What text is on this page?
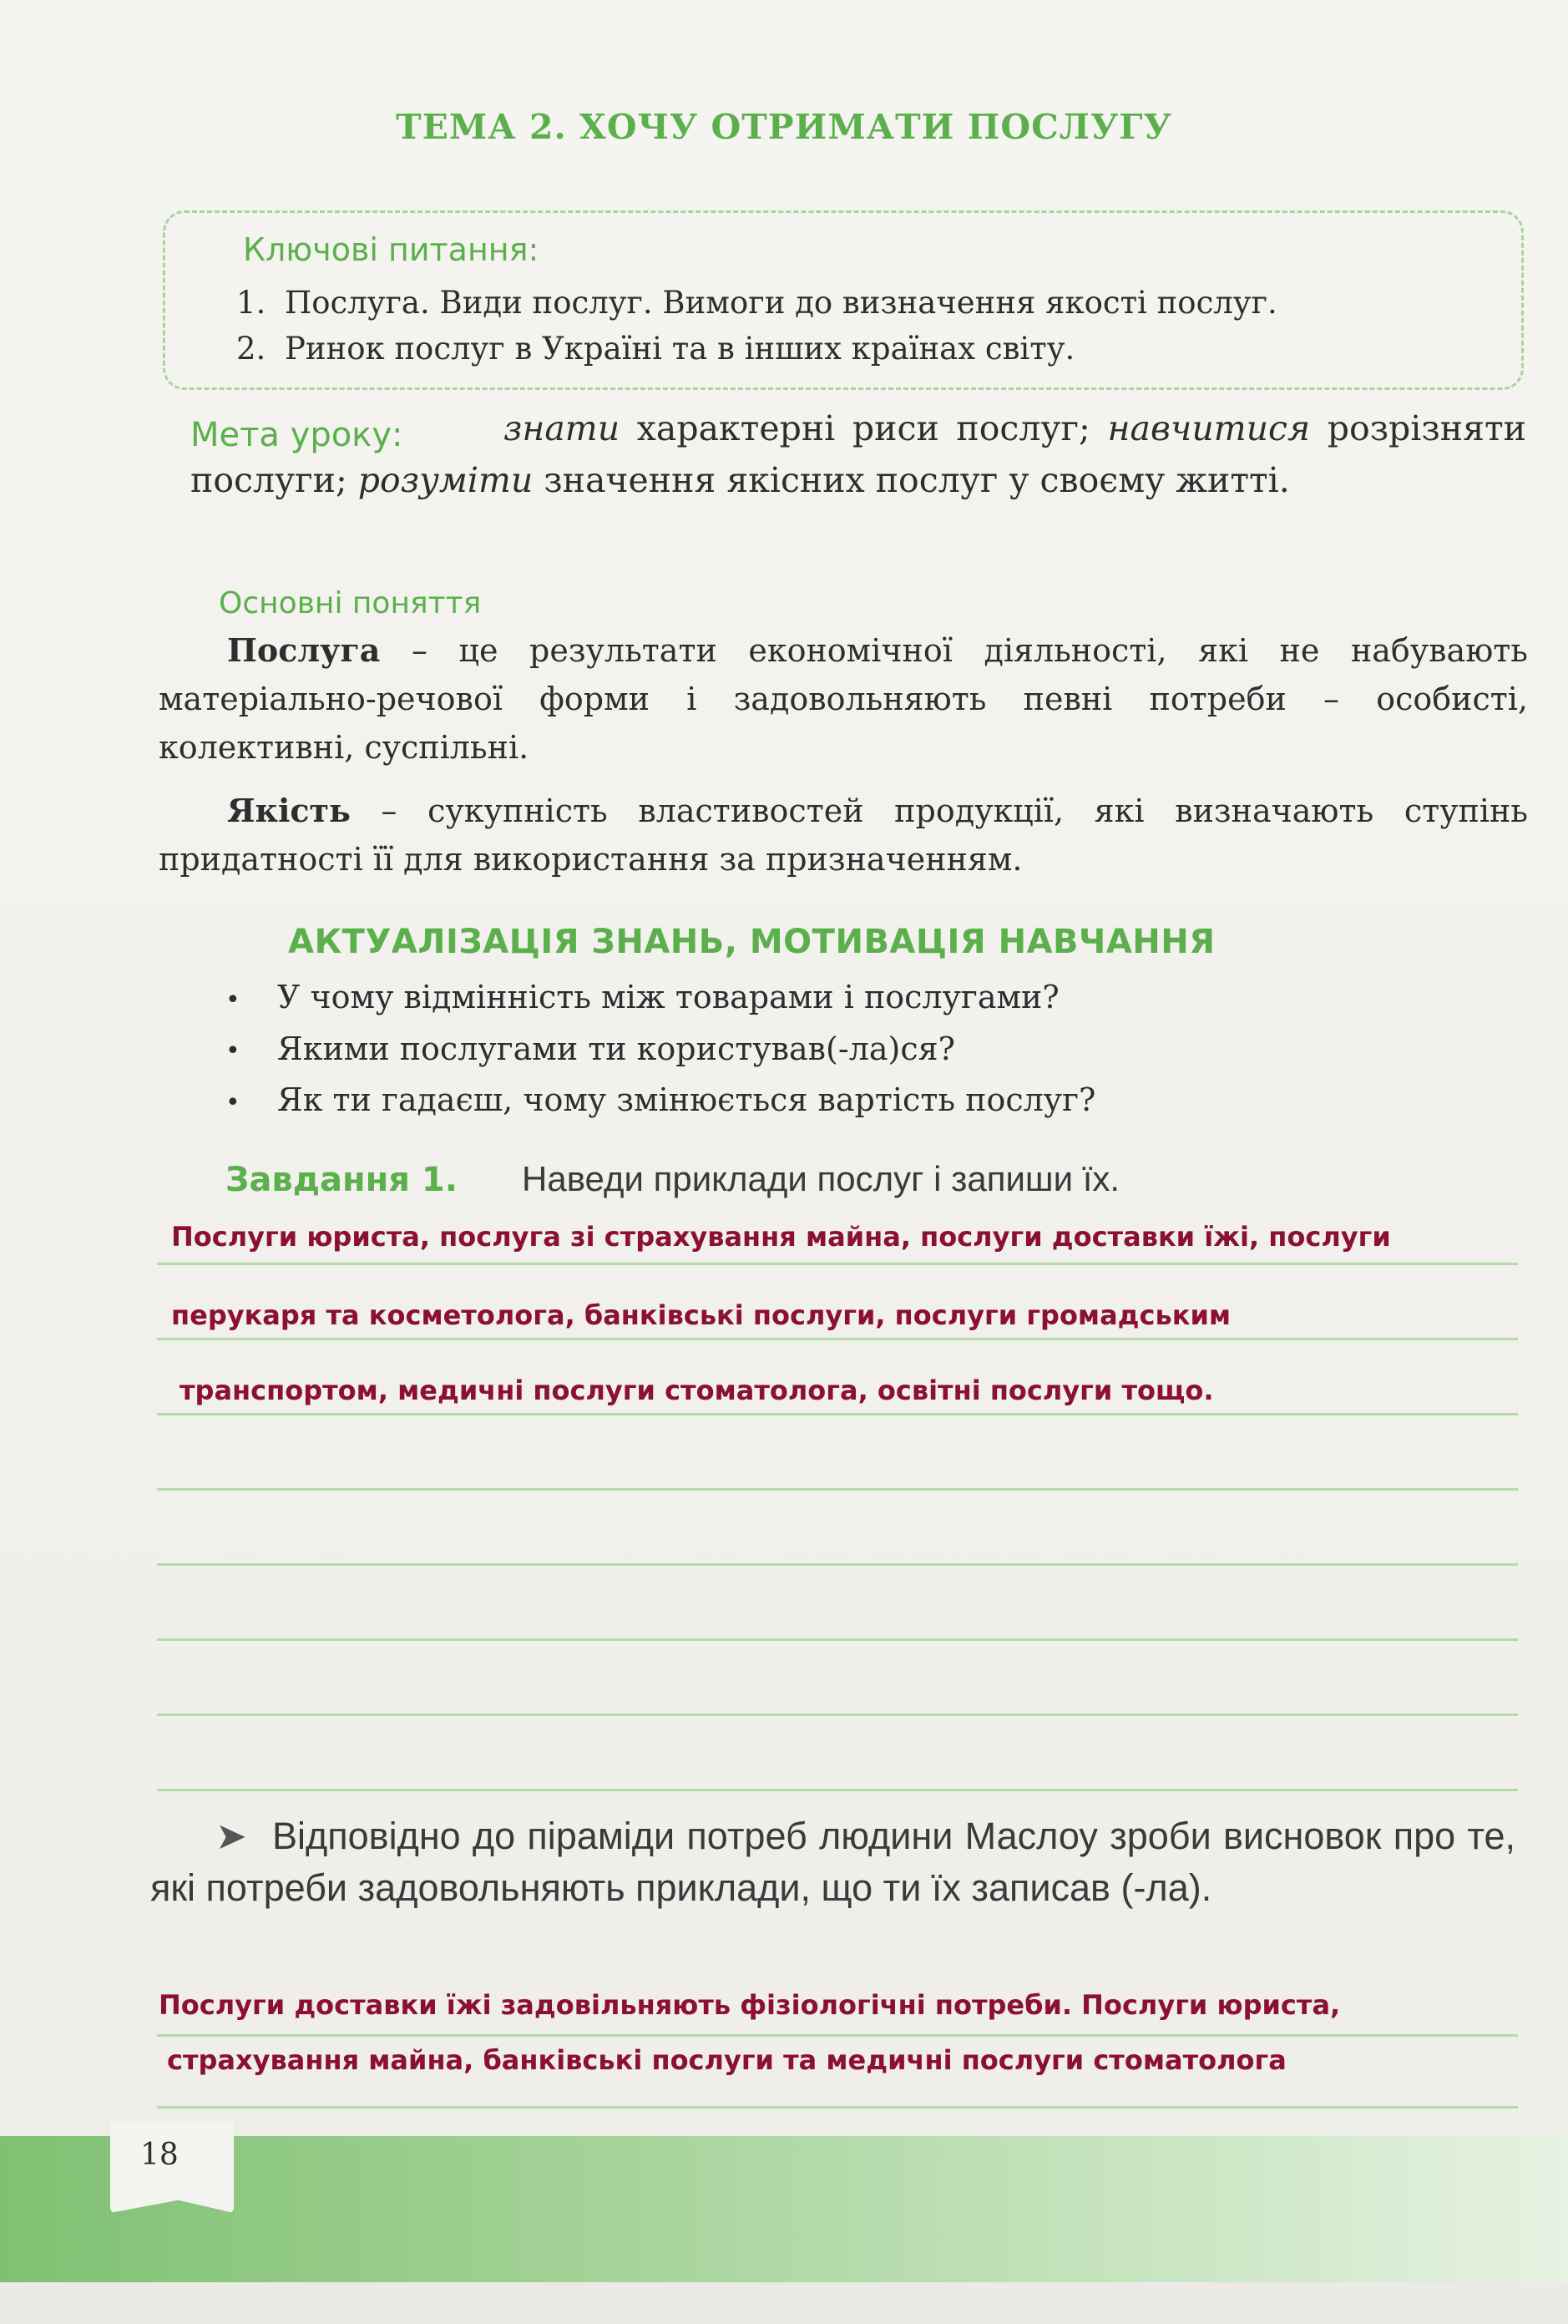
ТЕМА 2. ХОЧУ ОТРИМАТИ ПОСЛУГУ
Ключові питання:
1. Послуга. Види послуг. Вимоги до визначення якості послуг.
2. Ринок послуг в Україні та в інших країнах світу.
Мета уроку:	знати характерні риси послуг; навчитися розрізняти послуги; розуміти значення якісних послуг у своєму житті.
Основні поняття

Послуга – це результати економічної діяльності, які не набувають матеріально-речової форми і задовольняють певні потреби – особисті, колективні, суспільні.

Якість – сукупність властивостей продукції, які визначають ступінь придатності її для використання за призначенням.

АКТУАЛІЗАЦІЯ ЗНАНЬ, МОТИВАЦІЯ НАВЧАННЯ
• У чому відмінність між товарами і послугами?
• Якими послугами ти користував(-ла)ся?
• Як ти гадаєш, чому змінюється вартість послуг?
Завдання 1. Наведи приклади послуг і запиши їх.
Послуги юриста, послуга зі страхування майна, послуги доставки їжі, послуги
перукаря та косметолога, банківські послуги, послуги громадським
транспортом, медичні послуги стоматолога, освітні послуги тощо.
➤ Відповідно до піраміди потреб людини Маслоу зроби висновок про те, які потреби задовольняють приклади, що ти їх записав (-ла).
Послуги доставки їжі задовільняють фізіологічні потреби. Послуги юриста,
страхування майна, банківські послуги та медичні послуги стоматолога
18
